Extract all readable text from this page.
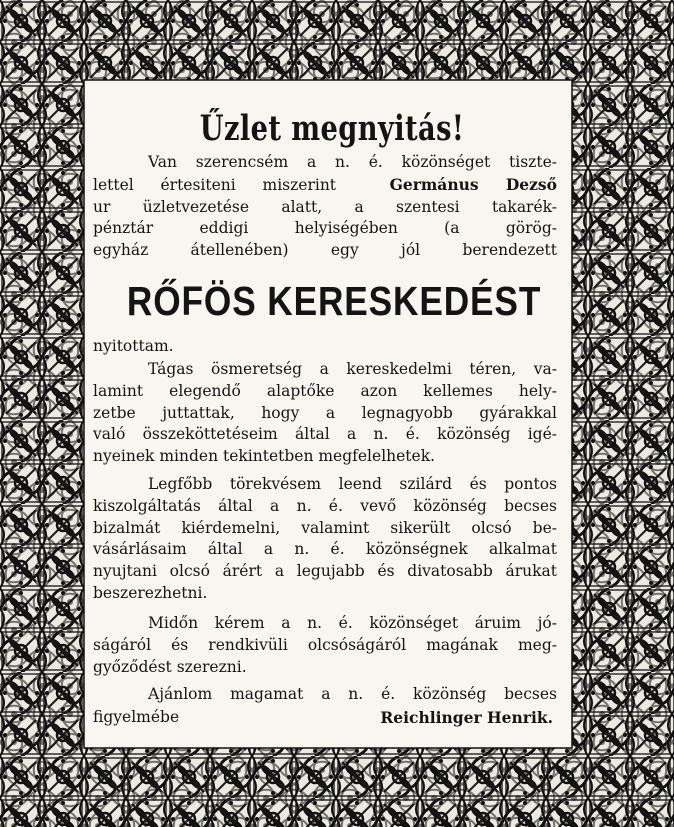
Űzlet megnyitás!
Van szerencsém a n. é. közönséget tiszte-
lettel értesiteni miszerint	Germánus Dezső
ur üzletvezetése alatt, a szentesi takarék-
pénztár eddigi helyiségében (a görög-
egyház átellenében) egy jól berendezett
RŐFÖS KERESKEDÉST
nyitottam.
Tágas ösmeretség a kereskedelmi téren, va-
lamint elegendő alaptőke azon kellemes hely-
zetbe juttattak, hogy a legnagyobb gyárakkal
való összeköttetéseim által a n. é. közönség igé-
nyeinek minden tekintetben megfelelhetek.
Legfőbb törekvésem leend szilárd és pontos
kiszolgáltatás által a n. é. vevő közönség becses
bizalmát kiérdemelni, valamint sikerült olcsó be-
vásárlásaim által a n. é. közönségnek alkalmat
nyujtani olcsó árért a legujabb és divatosabb árukat
beszerezhetni.
Midőn kérem a n. é. közönséget áruim jó-
ságáról és rendkivüli olcsóságáról magának meg-
győződést szerezni.
Ajánlom magamat a n. é. közönség becses
figyelmébe	Reichlinger Henrik.
